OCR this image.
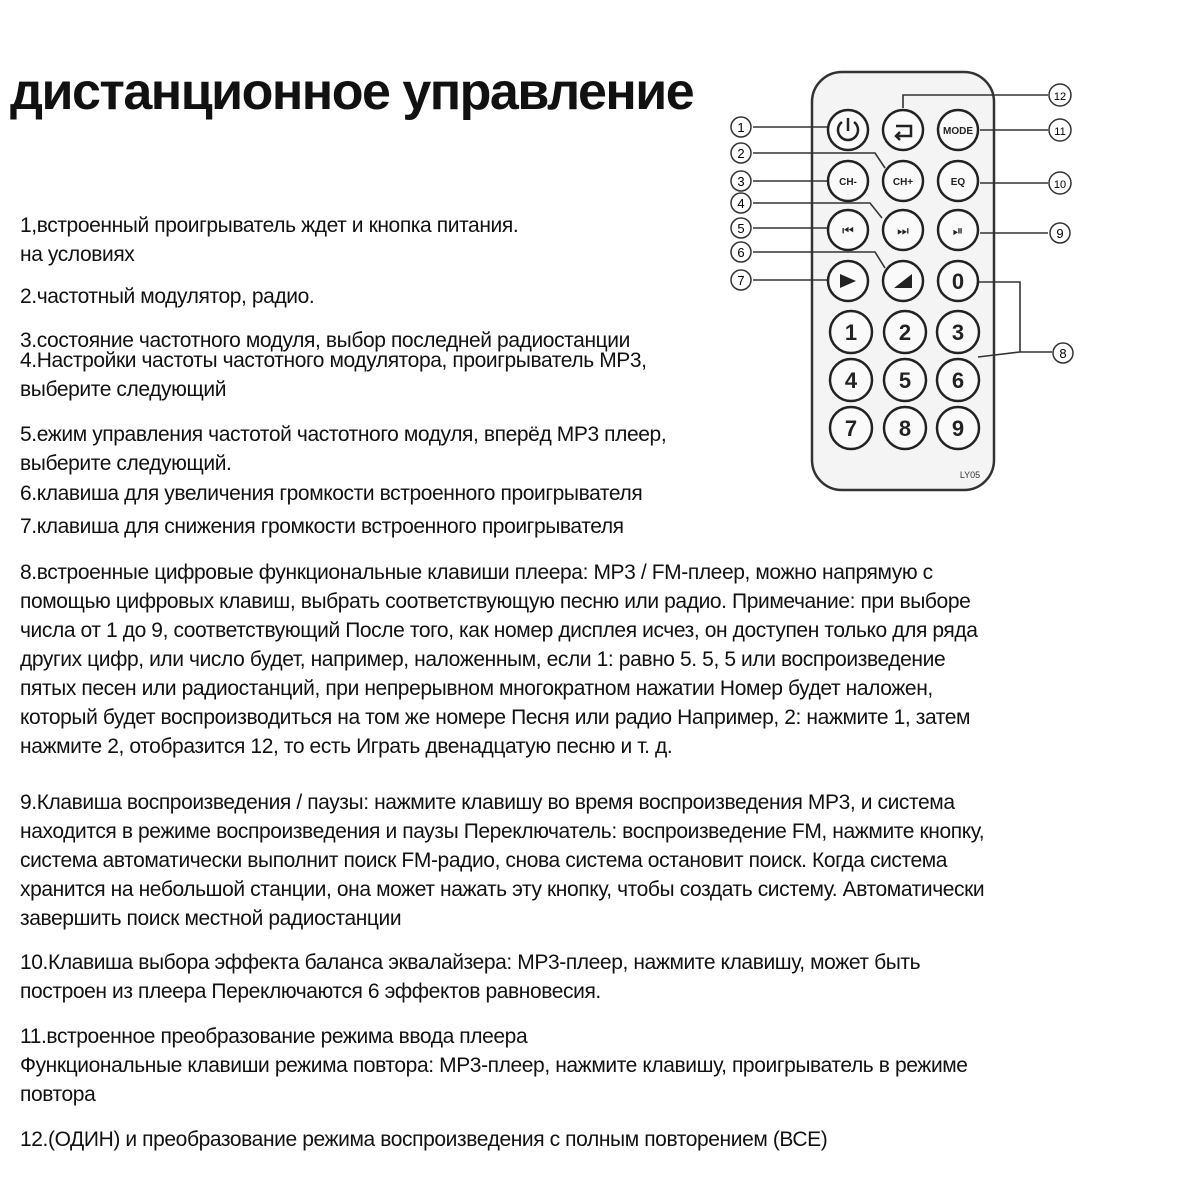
дистанционное управление

1,встроенный проигрыватель ждет и кнопка питания.
на условиях

2.частотный модулятор, радио.

3.состояние частотного модуля, выбор последней радиостанции

4.Настройки частоты частотного модулятора, проигрыватель MP3,
выберите следующий

5.ежим управления частотой частотного модуля, вперёд MP3 плеер,
выберите следующий.

6.клавиша для увеличения громкости встроенного проигрывателя

7.клавиша для снижения громкости встроенного проигрывателя

8.встроенные цифровые функциональные клавиши плеера: MP3 / FM-плеер, можно напрямую с
помощью цифровых клавиш, выбрать соответствующую песню или радио. Примечание: при выборе
числа от 1 до 9, соответствующий После того, как номер дисплея исчез, он доступен только для ряда
других цифр, или число будет, например, наложенным, если 1: равно 5. 5, 5 или воспроизведение
пятых песен или радиостанций, при непрерывном многократном нажатии Номер будет наложен,
который будет воспроизводиться на том же номере Песня или радио Например, 2: нажмите 1, затем
нажмите 2, отобразится 12, то есть Играть двенадцатую песню и т. д.

9.Клавиша воспроизведения / паузы: нажмите клавишу во время воспроизведения MP3, и система
находится в режиме воспроизведения и паузы Переключатель: воспроизведение FM, нажмите кнопку,
система автоматически выполнит поиск FM-радио, снова система остановит поиск. Когда система
хранится на небольшой станции, она может нажать эту кнопку, чтобы создать систему. Автоматически
завершить поиск местной радиостанции

10.Клавиша выбора эффекта баланса эквалайзера: MP3-плеер, нажмите клавишу, может быть
построен из плеера Переключаются 6 эффектов равновесия.

11.встроенное преобразование режима ввода плеера
Функциональные клавиши режима повтора: MP3-плеер, нажмите клавишу, проигрыватель в режиме
повтора

12.(ОДИН) и преобразование режима воспроизведения с полным повторением (ВСЕ)

LY05
1
2
3
4
5
6
7
8
9
10
11
12
MODE
CH-	CH+	EQ
⏮	⏭	⏯
0
1 2 3
4 5 6
7 8 9
